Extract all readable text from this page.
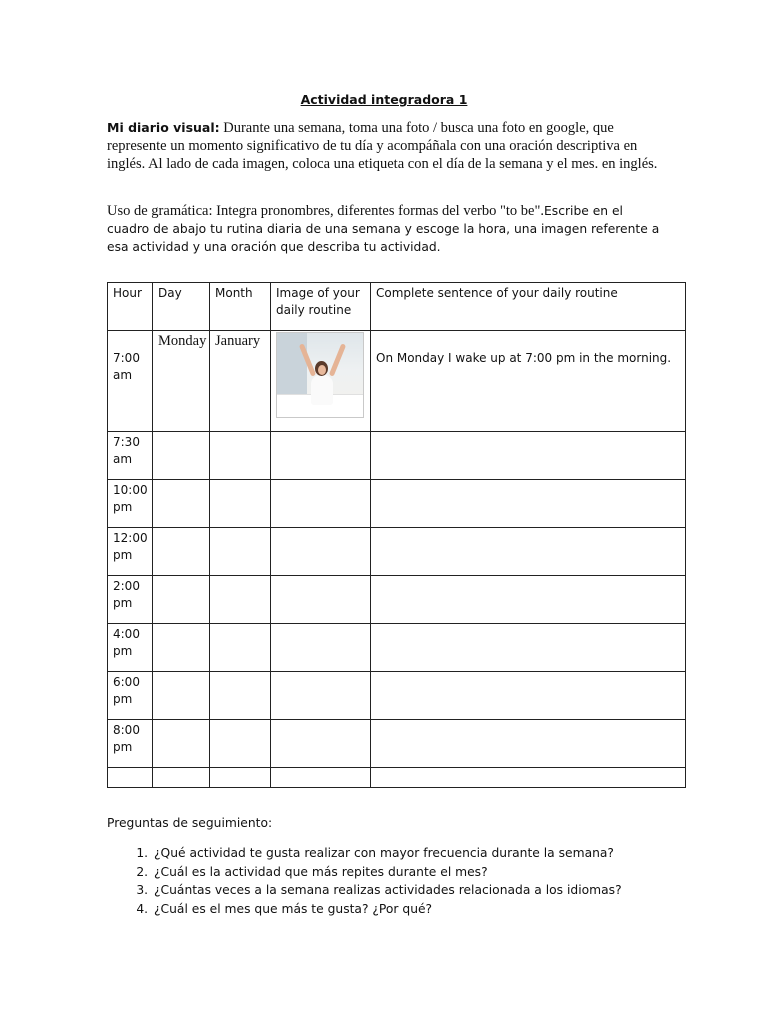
Actividad integradora 1
Mi diario visual: Durante una semana, toma una foto / busca una foto en google, que represente un momento significativo de tu día y acompáñala con una oración descriptiva en inglés. Al lado de cada imagen, coloca una etiqueta con el día de la semana y el mes. en inglés.
Uso de gramática: Integra pronombres, diferentes formas del verbo "to be".Escribe en el cuadro de abajo tu rutina diaria de una semana y escoge la hora, una imagen referente a esa actividad y una oración que describa tu actividad.
Hour	Day	Month	Image of your daily routine	Complete sentence of your daily routine
7:00 am	Monday	January		On Monday I wake up at 7:00 pm in the morning.
7:30 am				
10:00 pm				
12:00 pm				
2:00 pm				
4:00 pm				
6:00 pm				
8:00 pm				

Preguntas de seguimiento:
1. ¿Qué actividad te gusta realizar con mayor frecuencia durante la semana?
2. ¿Cuál es la actividad que más repites durante el mes?
3. ¿Cuántas veces a la semana realizas actividades relacionada a los idiomas?
4. ¿Cuál es el mes que más te gusta? ¿Por qué?
